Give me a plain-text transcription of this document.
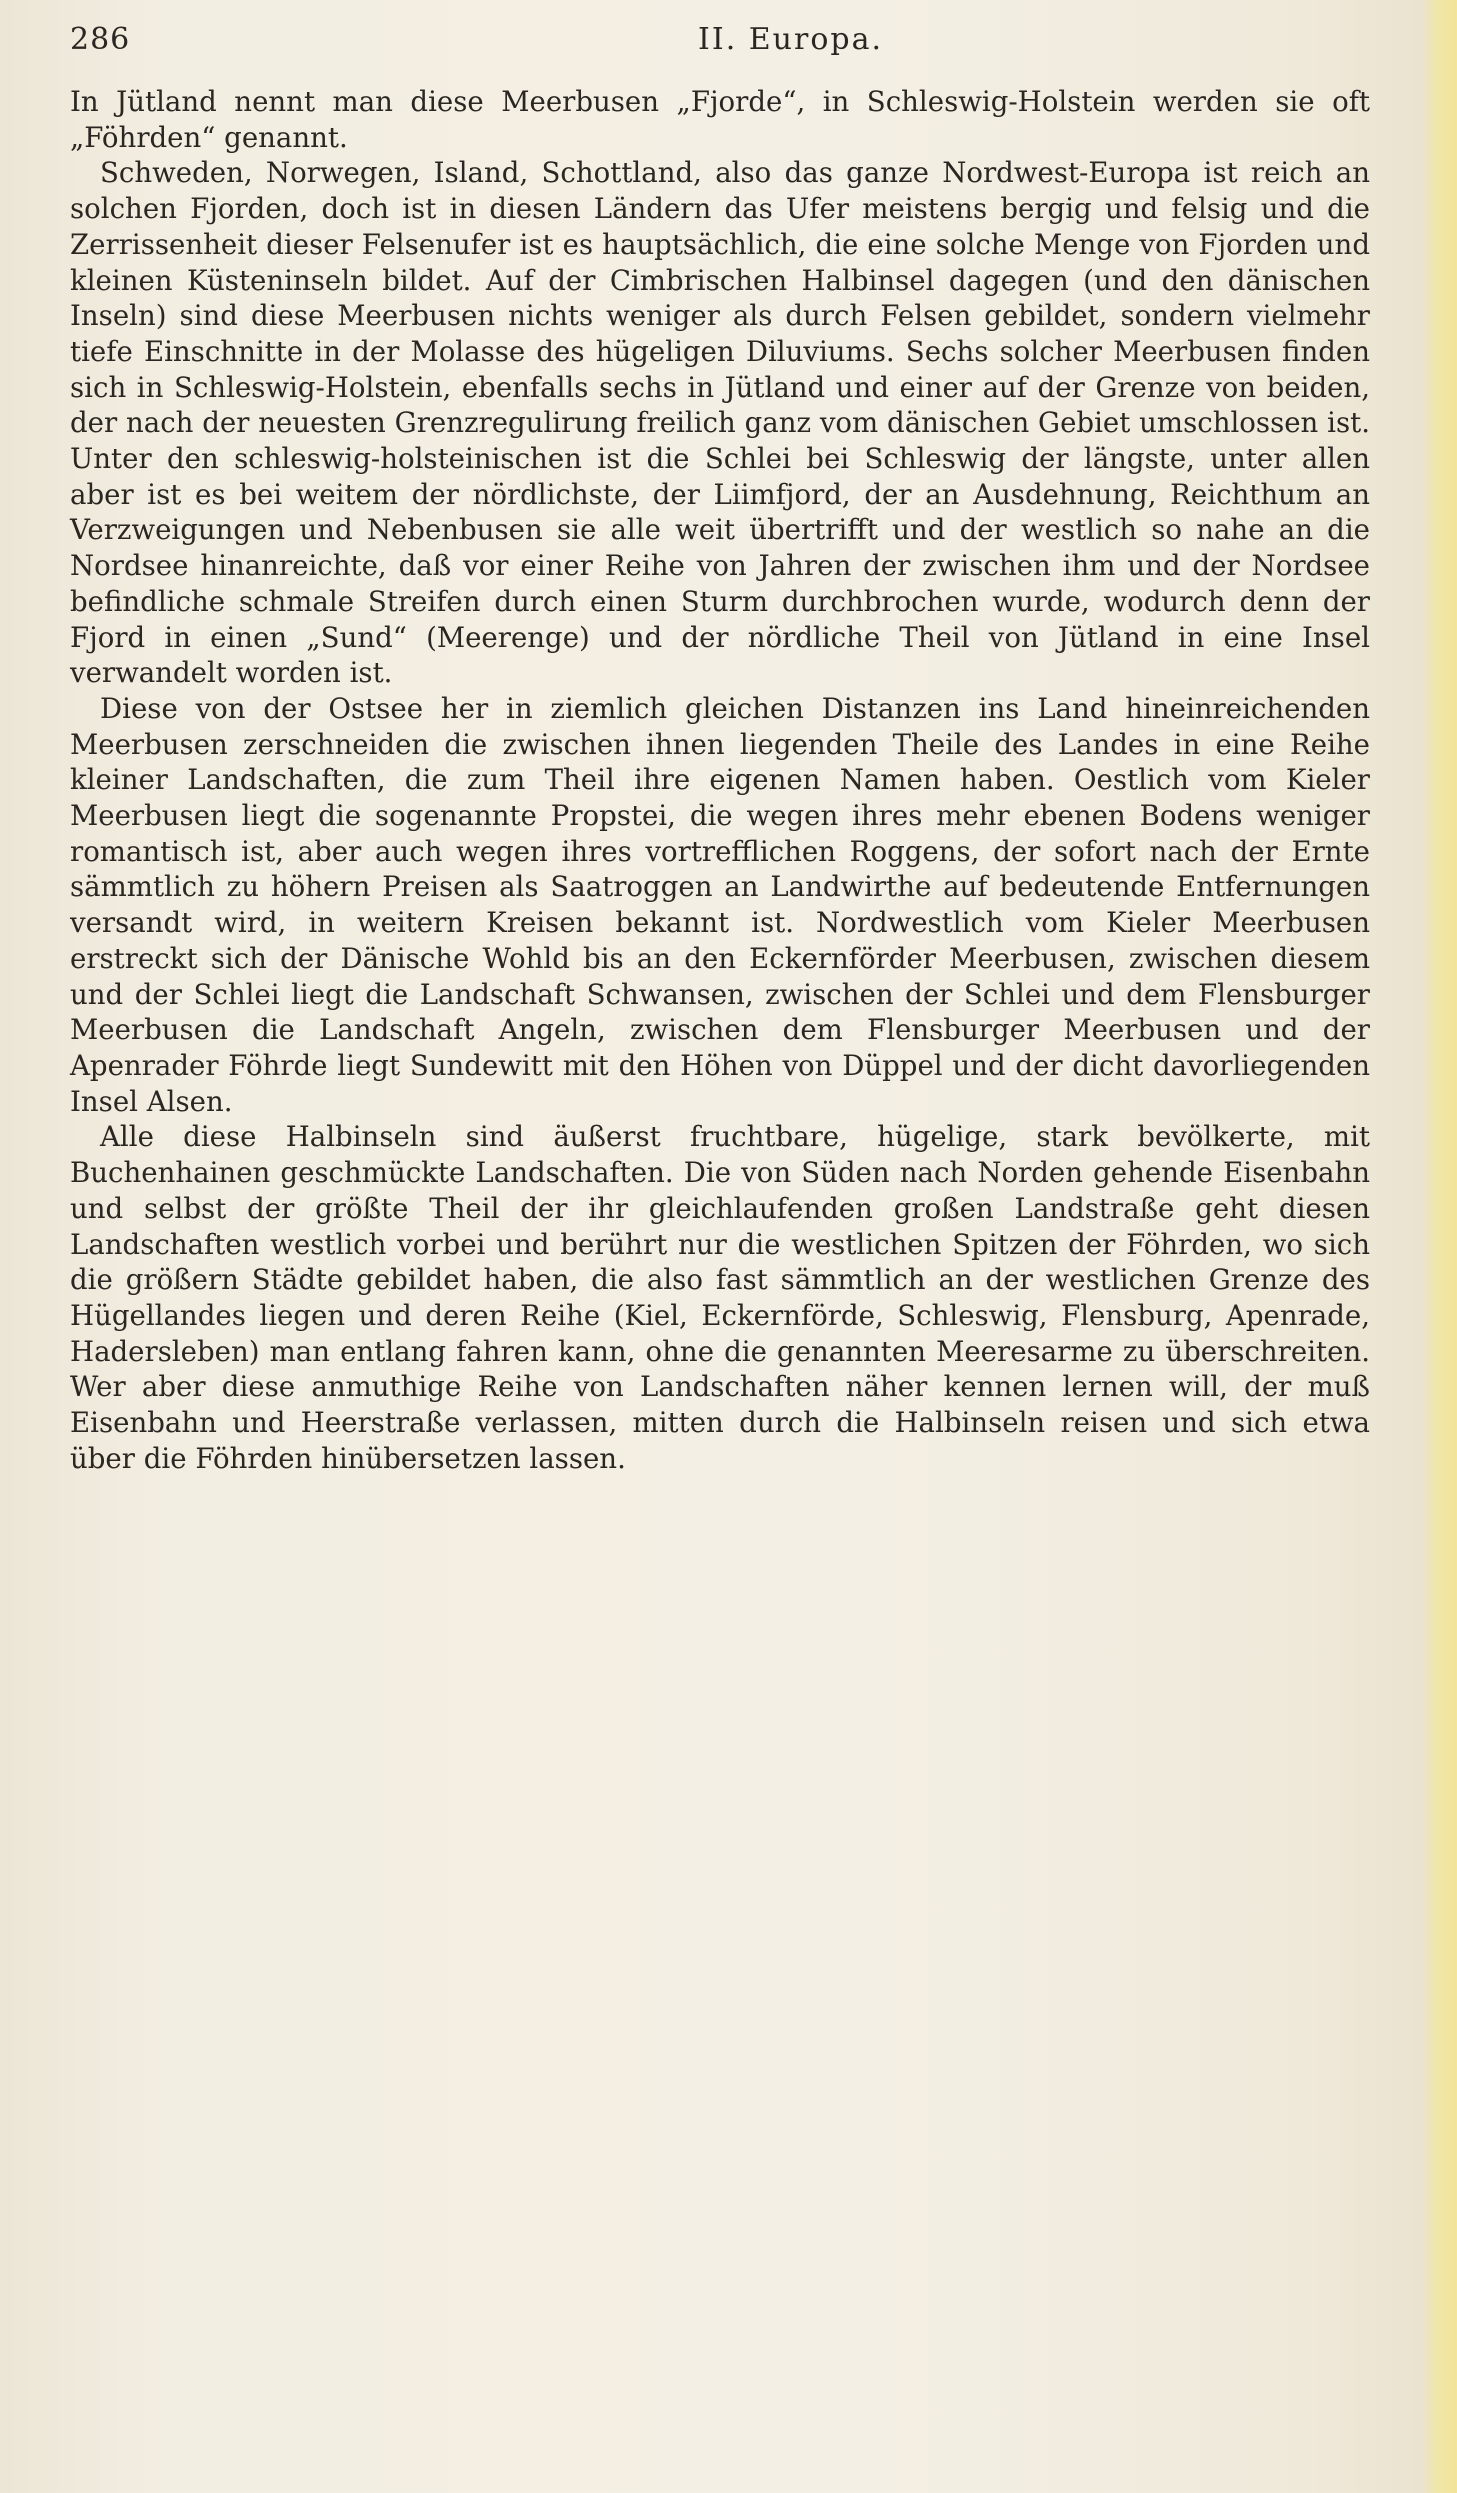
286	II. Europa.

In Jütland nennt man diese Meerbusen „Fjorde“, in Schleswig-Holstein werden sie oft „Föhrden“ genannt.

Schweden, Norwegen, Island, Schottland, also das ganze Nordwest-Europa ist reich an solchen Fjorden, doch ist in diesen Ländern das Ufer meistens bergig und felsig und die Zerrissenheit dieser Felsenufer ist es hauptsächlich, die eine solche Menge von Fjorden und kleinen Küsteninseln bildet. Auf der Cimbrischen Halbinsel dagegen (und den dänischen Inseln) sind diese Meerbusen nichts weniger als durch Felsen gebildet, sondern vielmehr tiefe Einschnitte in der Molasse des hügeligen Diluviums. Sechs solcher Meerbusen finden sich in Schleswig-Holstein, ebenfalls sechs in Jütland und einer auf der Grenze von beiden, der nach der neuesten Grenzregulirung freilich ganz vom dänischen Gebiet umschlossen ist. Unter den schleswig-holsteinischen ist die Schlei bei Schleswig der längste, unter allen aber ist es bei weitem der nördlichste, der Liimfjord, der an Ausdehnung, Reichthum an Verzweigungen und Nebenbusen sie alle weit übertrifft und der westlich so nahe an die Nordsee hinanreichte, daß vor einer Reihe von Jahren der zwischen ihm und der Nordsee befindliche schmale Streifen durch einen Sturm durchbrochen wurde, wodurch denn der Fjord in einen „Sund“ (Meerenge) und der nördliche Theil von Jütland in eine Insel verwandelt worden ist.

Diese von der Ostsee her in ziemlich gleichen Distanzen ins Land hineinreichenden Meerbusen zerschneiden die zwischen ihnen liegenden Theile des Landes in eine Reihe kleiner Landschaften, die zum Theil ihre eigenen Namen haben. Oestlich vom Kieler Meerbusen liegt die sogenannte Propstei, die wegen ihres mehr ebenen Bodens weniger romantisch ist, aber auch wegen ihres vortrefflichen Roggens, der sofort nach der Ernte sämmtlich zu höhern Preisen als Saatroggen an Landwirthe auf bedeutende Entfernungen versandt wird, in weitern Kreisen bekannt ist. Nordwestlich vom Kieler Meerbusen erstreckt sich der Dänische Wohld bis an den Eckernförder Meerbusen, zwischen diesem und der Schlei liegt die Landschaft Schwansen, zwischen der Schlei und dem Flensburger Meerbusen die Landschaft Angeln, zwischen dem Flensburger Meerbusen und der Apenrader Föhrde liegt Sundewitt mit den Höhen von Düppel und der dicht davorliegenden Insel Alsen.

Alle diese Halbinseln sind äußerst fruchtbare, hügelige, stark bevölkerte, mit Buchenhainen geschmückte Landschaften. Die von Süden nach Norden gehende Eisenbahn und selbst der größte Theil der ihr gleichlaufenden großen Landstraße geht diesen Landschaften westlich vorbei und berührt nur die westlichen Spitzen der Föhrden, wo sich die größern Städte gebildet haben, die also fast sämmtlich an der westlichen Grenze des Hügellandes liegen und deren Reihe (Kiel, Eckernförde, Schleswig, Flensburg, Apenrade, Hadersleben) man entlang fahren kann, ohne die genannten Meeresarme zu überschreiten. Wer aber diese anmuthige Reihe von Landschaften näher kennen lernen will, der muß Eisenbahn und Heerstraße verlassen, mitten durch die Halbinseln reisen und sich etwa über die Föhrden hinübersetzen lassen.
